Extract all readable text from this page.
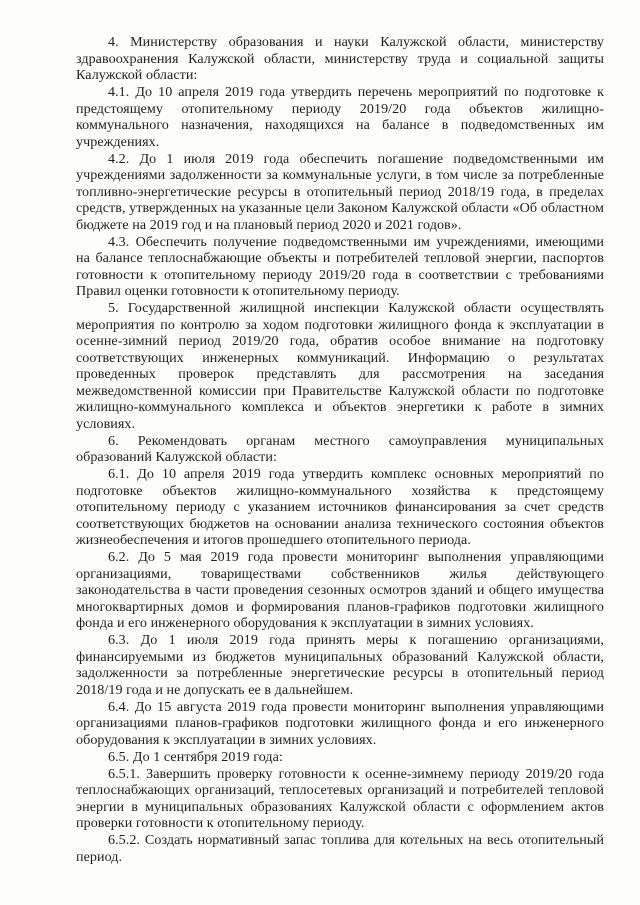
4. Министерству образования и науки Калужской области, министерству здравоохранения Калужской области, министерству труда и социальной защиты Калужской области:

4.1. До 10 апреля 2019 года утвердить перечень мероприятий по подготовке к предстоящему отопительному периоду 2019/20 года объектов жилищно-коммунального назначения, находящихся на балансе в подведомственных им учреждениях.

4.2. До 1 июля 2019 года обеспечить погашение подведомственными им учреждениями задолженности за коммунальные услуги, в том числе за потребленные топливно-энергетические ресурсы в отопительный период 2018/19 года, в пределах средств, утвержденных на указанные цели Законом Калужской области «Об областном бюджете на 2019 год и на плановый период 2020 и 2021 годов».

4.3. Обеспечить получение подведомственными им учреждениями, имеющими на балансе теплоснабжающие объекты и потребителей тепловой энергии, паспортов готовности к отопительному периоду 2019/20 года в соответствии с требованиями Правил оценки готовности к отопительному периоду.

5. Государственной жилищной инспекции Калужской области осуществлять мероприятия по контролю за ходом подготовки жилищного фонда к эксплуатации в осенне-зимний период 2019/20 года, обратив особое внимание на подготовку соответствующих инженерных коммуникаций. Информацию о результатах проведенных проверок представлять для рассмотрения на заседания межведомственной комиссии при Правительстве Калужской области по подготовке жилищно-коммунального комплекса и объектов энергетики к работе в зимних условиях.

6. Рекомендовать органам местного самоуправления муниципальных образований Калужской области:

6.1. До 10 апреля 2019 года утвердить комплекс основных мероприятий по подготовке объектов жилищно-коммунального хозяйства к предстоящему отопительному периоду с указанием источников финансирования за счет средств соответствующих бюджетов на основании анализа технического состояния объектов жизнеобеспечения и итогов прошедшего отопительного периода.

6.2. До 5 мая 2019 года провести мониторинг выполнения управляющими организациями, товариществами собственников жилья действующего законодательства в части проведения сезонных осмотров зданий и общего имущества многоквартирных домов и формирования планов-графиков подготовки жилищного фонда и его инженерного оборудования к эксплуатации в зимних условиях.

6.3. До 1 июля 2019 года принять меры к погашению организациями, финансируемыми из бюджетов муниципальных образований Калужской области, задолженности за потребленные энергетические ресурсы в отопительный период 2018/19 года и не допускать ее в дальнейшем.

6.4. До 15 августа 2019 года провести мониторинг выполнения управляющими организациями планов-графиков подготовки жилищного фонда и его инженерного оборудования к эксплуатации в зимних условиях.

6.5. До 1 сентября 2019 года:

6.5.1. Завершить проверку готовности к осенне-зимнему периоду 2019/20 года теплоснабжающих организаций, теплосетевых организаций и потребителей тепловой энергии в муниципальных образованиях Калужской области с оформлением актов проверки готовности к отопительному периоду.

6.5.2. Создать нормативный запас топлива для котельных на весь отопительный период.
